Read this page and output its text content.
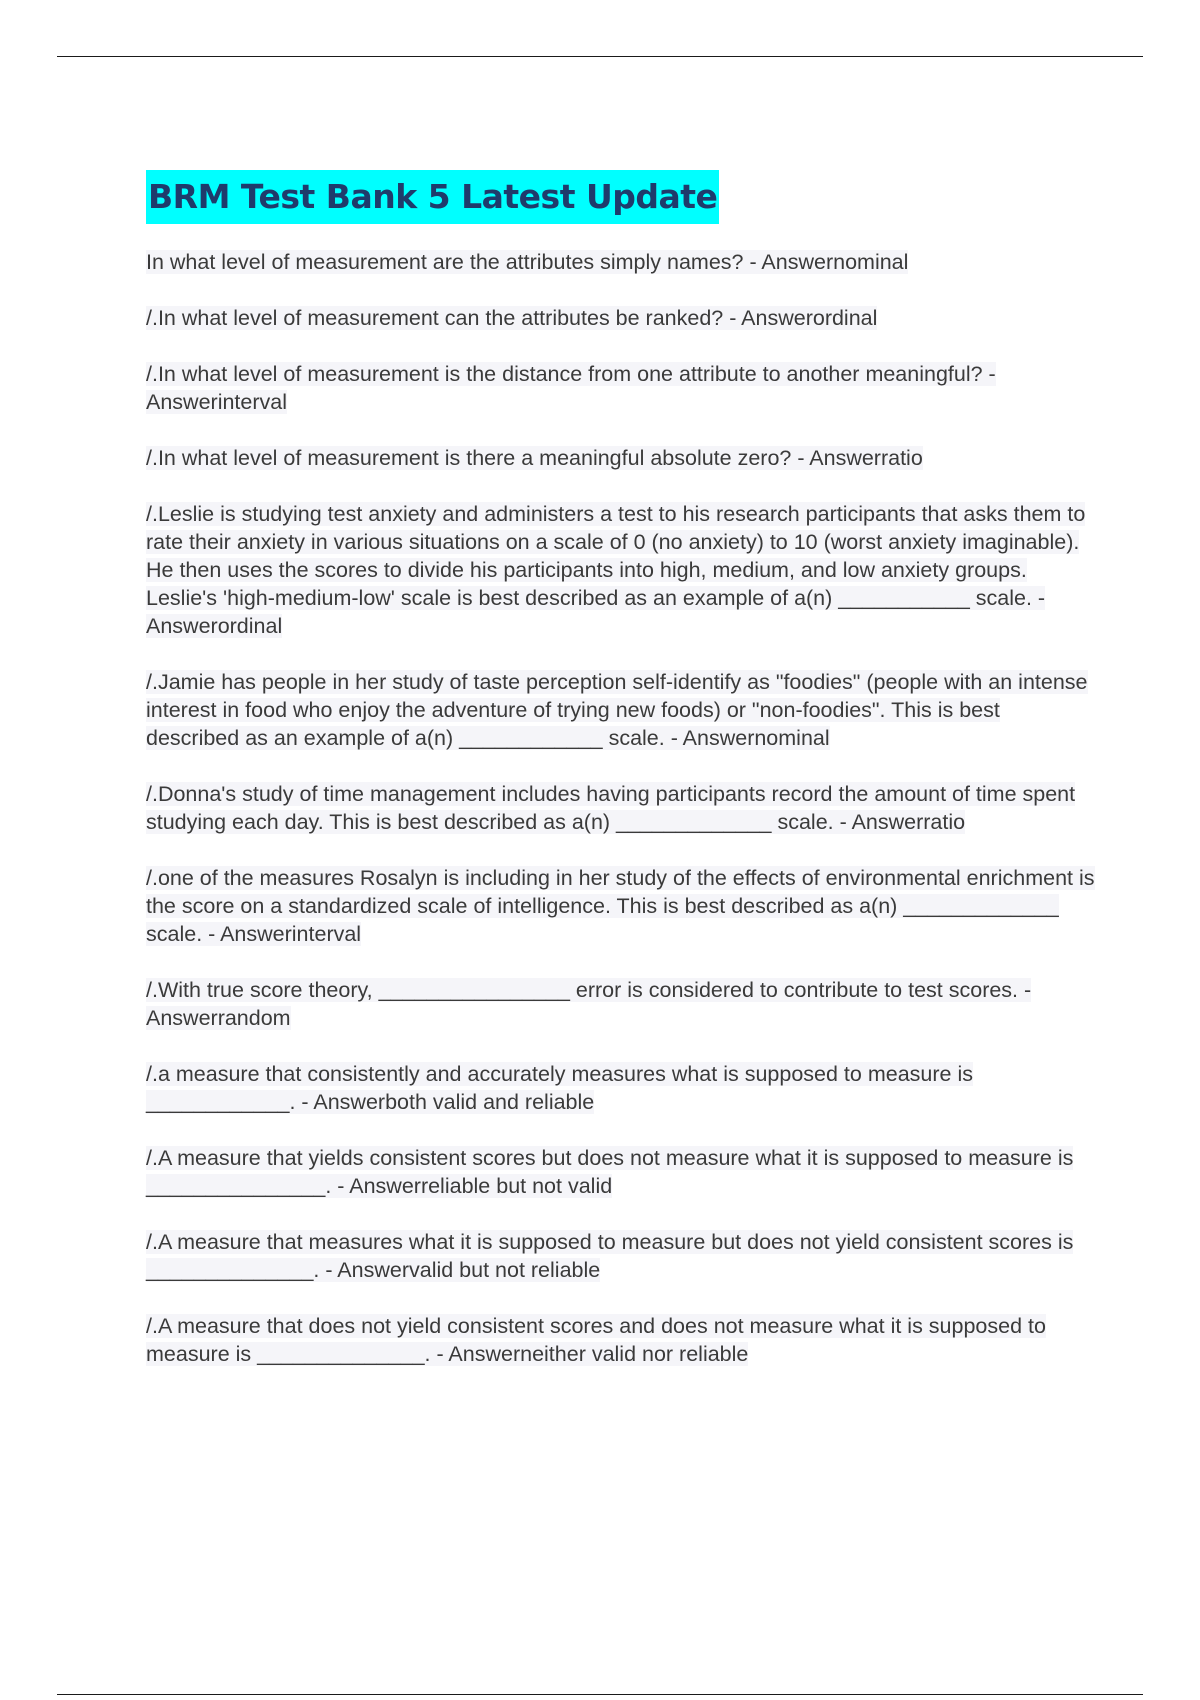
BRM Test Bank 5 Latest Update
In what level of measurement are the attributes simply names? - Answernominal
/.In what level of measurement can the attributes be ranked? - Answerordinal
/.In what level of measurement is the distance from one attribute to another meaningful? - Answerinterval
/.In what level of measurement is there a meaningful absolute zero? - Answerratio
/.Leslie is studying test anxiety and administers a test to his research participants that asks them to rate their anxiety in various situations on a scale of 0 (no anxiety) to 10 (worst anxiety imaginable). He then uses the scores to divide his participants into high, medium, and low anxiety groups. Leslie's 'high-medium-low' scale is best described as an example of a(n) ___________ scale. - Answerordinal
/.Jamie has people in her study of taste perception self-identify as "foodies" (people with an intense interest in food who enjoy the adventure of trying new foods) or "non-foodies". This is best described as an example of a(n) ____________ scale. - Answernominal
/.Donna's study of time management includes having participants record the amount of time spent studying each day. This is best described as a(n) _____________ scale. - Answerratio
/.one of the measures Rosalyn is including in her study of the effects of environmental enrichment is the score on a standardized scale of intelligence. This is best described as a(n) _____________ scale. - Answerinterval
/.With true score theory, ________________ error is considered to contribute to test scores. - Answerrandom
/.a measure that consistently and accurately measures what is supposed to measure is ____________. - Answerboth valid and reliable
/.A measure that yields consistent scores but does not measure what it is supposed to measure is _______________. - Answerreliable but not valid
/.A measure that measures what it is supposed to measure but does not yield consistent scores is ______________. - Answervalid but not reliable
/.A measure that does not yield consistent scores and does not measure what it is supposed to measure is ______________. - Answerneither valid nor reliable
